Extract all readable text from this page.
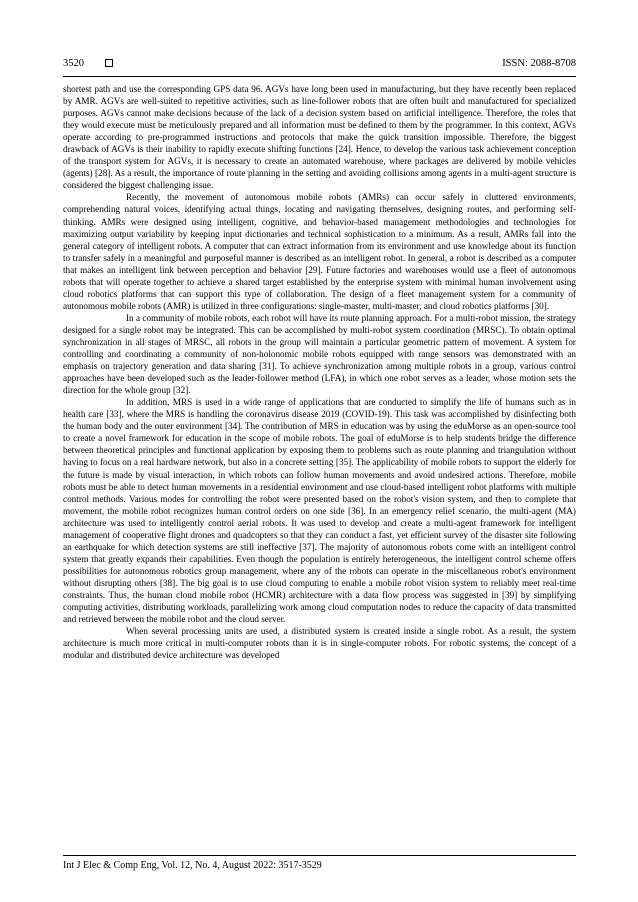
3520	ISSN: 2088-8708

shortest path and use the corresponding GPS data 96. AGVs have long been used in manufacturing, but they have recently been replaced by AMR. AGVs are well-suited to repetitive activities, such as line-follower robots that are often built and manufactured for specialized purposes. AGVs cannot make decisions because of the lack of a decision system based on artificial intelligence. Therefore, the roles that they would execute must be meticulously prepared and all information must be defined to them by the programmer. In this context, AGVs operate according to pre-programmed instructions and protocols that make the quick transition impossible. Therefore, the biggest drawback of AGVs is their inability to rapidly execute shifting functions [24]. Hence, to develop the various task achievement conception of the transport system for AGVs, it is necessary to create an automated warehouse, where packages are delivered by mobile vehicles (agents) [28]. As a result, the importance of route planning in the setting and avoiding collisions among agents in a multi-agent structure is considered the biggest challenging issue.

Recently, the movement of autonomous mobile robots (AMRs) can occur safely in cluttered environments, comprehending natural voices, identifying actual things, locating and navigating themselves, designing routes, and performing self-thinking. AMRs were designed using intelligent, cognitive, and behavior-based management methodologies and technologies for maximizing output variability by keeping input dictionaries and technical sophistication to a minimum. As a result, AMRs fall into the general category of intelligent robots. A computer that can extract information from its environment and use knowledge about its function to transfer safely in a meaningful and purposeful manner is described as an intelligent robot. In general, a robot is described as a computer that makes an intelligent link between perception and behavior [29]. Future factories and warehouses would use a fleet of autonomous robots that will operate together to achieve a shared target established by the enterprise system with minimal human involvement using cloud robotics platforms that can support this type of collaboration. The design of a fleet management system for a community of autonomous mobile robots (AMR) is utilized in three configurations: single-master, multi-master, and cloud robotics platforms [30].

In a community of mobile robots, each robot will have its route planning approach. For a multi-robot mission, the strategy designed for a single robot may be integrated. This can be accomplished by multi-robot system coordination (MRSC). To obtain optimal synchronization in all stages of MRSC, all robots in the group will maintain a particular geometric pattern of movement. A system for controlling and coordinating a community of non-holonomic mobile robots equipped with range sensors was demonstrated with an emphasis on trajectory generation and data sharing [31]. To achieve synchronization among multiple robots in a group, various control approaches have been developed such as the leader-follower method (LFA), in which one robot serves as a leader, whose motion sets the direction for the whole group [32].

In addition, MRS is used in a wide range of applications that are conducted to simplify the life of humans such as in health care [33], where the MRS is handling the coronavirus disease 2019 (COVID-19). This task was accomplished by disinfecting both the human body and the outer environment [34]. The contribution of MRS in education was by using the eduMorse as an open-source tool to create a novel framework for education in the scope of mobile robots. The goal of eduMorse is to help students bridge the difference between theoretical principles and functional application by exposing them to problems such as route planning and triangulation without having to focus on a real hardware network, but also in a concrete setting [35]. The applicability of mobile robots to support the elderly for the future is made by visual interaction, in which robots can follow human movements and avoid undesired actions. Therefore, mobile robots must be able to detect human movements in a residential environment and use cloud-based intelligent robot platforms with multiple control methods. Various modes for controlling the robot were presented based on the robot's vision system, and then to complete that movement, the mobile robot recognizes human control orders on one side [36]. In an emergency relief scenario, the multi-agent (MA) architecture was used to intelligently control aerial robots. It was used to develop and create a multi-agent framework for intelligent management of cooperative flight drones and quadcopters so that they can conduct a fast, yet efficient survey of the disaster site following an earthquake for which detection systems are still ineffective [37]. The majority of autonomous robots come with an intelligent control system that greatly expands their capabilities. Even though the population is entirely heterogeneous, the intelligent control scheme offers possibilities for autonomous robotics group management, where any of the robots can operate in the miscellaneous robot's environment without disrupting others [38]. The big goal is to use cloud computing to enable a mobile robot vision system to reliably meet real-time constraints. Thus, the human cloud mobile robot (HCMR) architecture with a data flow process was suggested in [39] by simplifying computing activities, distributing workloads, parallelizing work among cloud computation nodes to reduce the capacity of data transmitted and retrieved between the mobile robot and the cloud server.

When several processing units are used, a distributed system is created inside a single robot. As a result, the system architecture is much more critical in multi-computer robots than it is in single-computer robots. For robotic systems, the concept of a modular and distributed device architecture was developed

Int J Elec & Comp Eng, Vol. 12, No. 4, August 2022: 3517-3529
